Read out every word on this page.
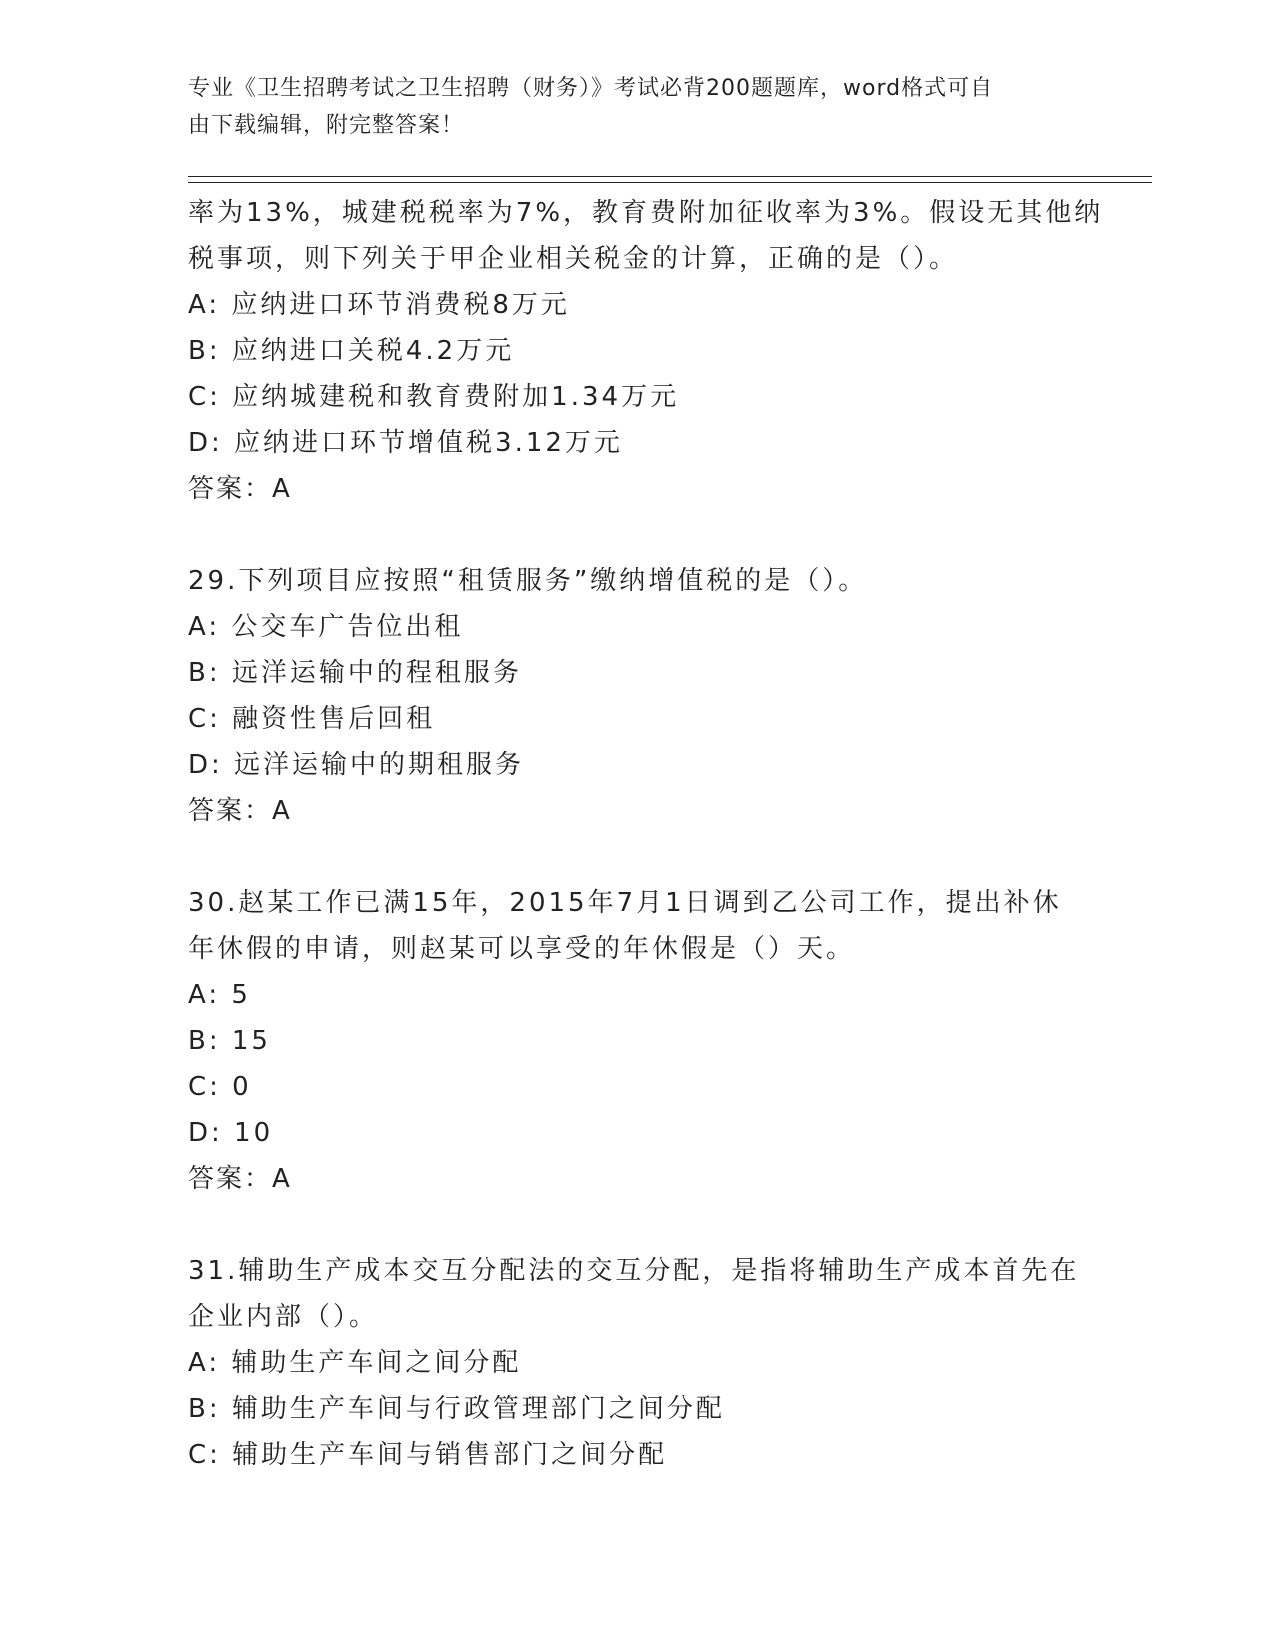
专业《卫生招聘考试之卫生招聘（财务）》考试必背200题题库，word格式可自
由下载编辑，附完整答案！
率为13%，城建税税率为7%，教育费附加征收率为3%。假设无其他纳
税事项，则下列关于甲企业相关税金的计算，正确的是（）。
A: 应纳进口环节消费税8万元
B: 应纳进口关税4.2万元
C: 应纳城建税和教育费附加1.34万元
D: 应纳进口环节增值税3.12万元
答案：A
29.下列项目应按照“租赁服务”缴纳增值税的是（）。
A: 公交车广告位出租
B: 远洋运输中的程租服务
C: 融资性售后回租
D: 远洋运输中的期租服务
答案：A
30.赵某工作已满15年，2015年7月1日调到乙公司工作，提出补休
年休假的申请，则赵某可以享受的年休假是（）天。
A: 5
B: 15
C: 0
D: 10
答案：A
31.辅助生产成本交互分配法的交互分配，是指将辅助生产成本首先在
企业内部（）。
A: 辅助生产车间之间分配
B: 辅助生产车间与行政管理部门之间分配
C: 辅助生产车间与销售部门之间分配
